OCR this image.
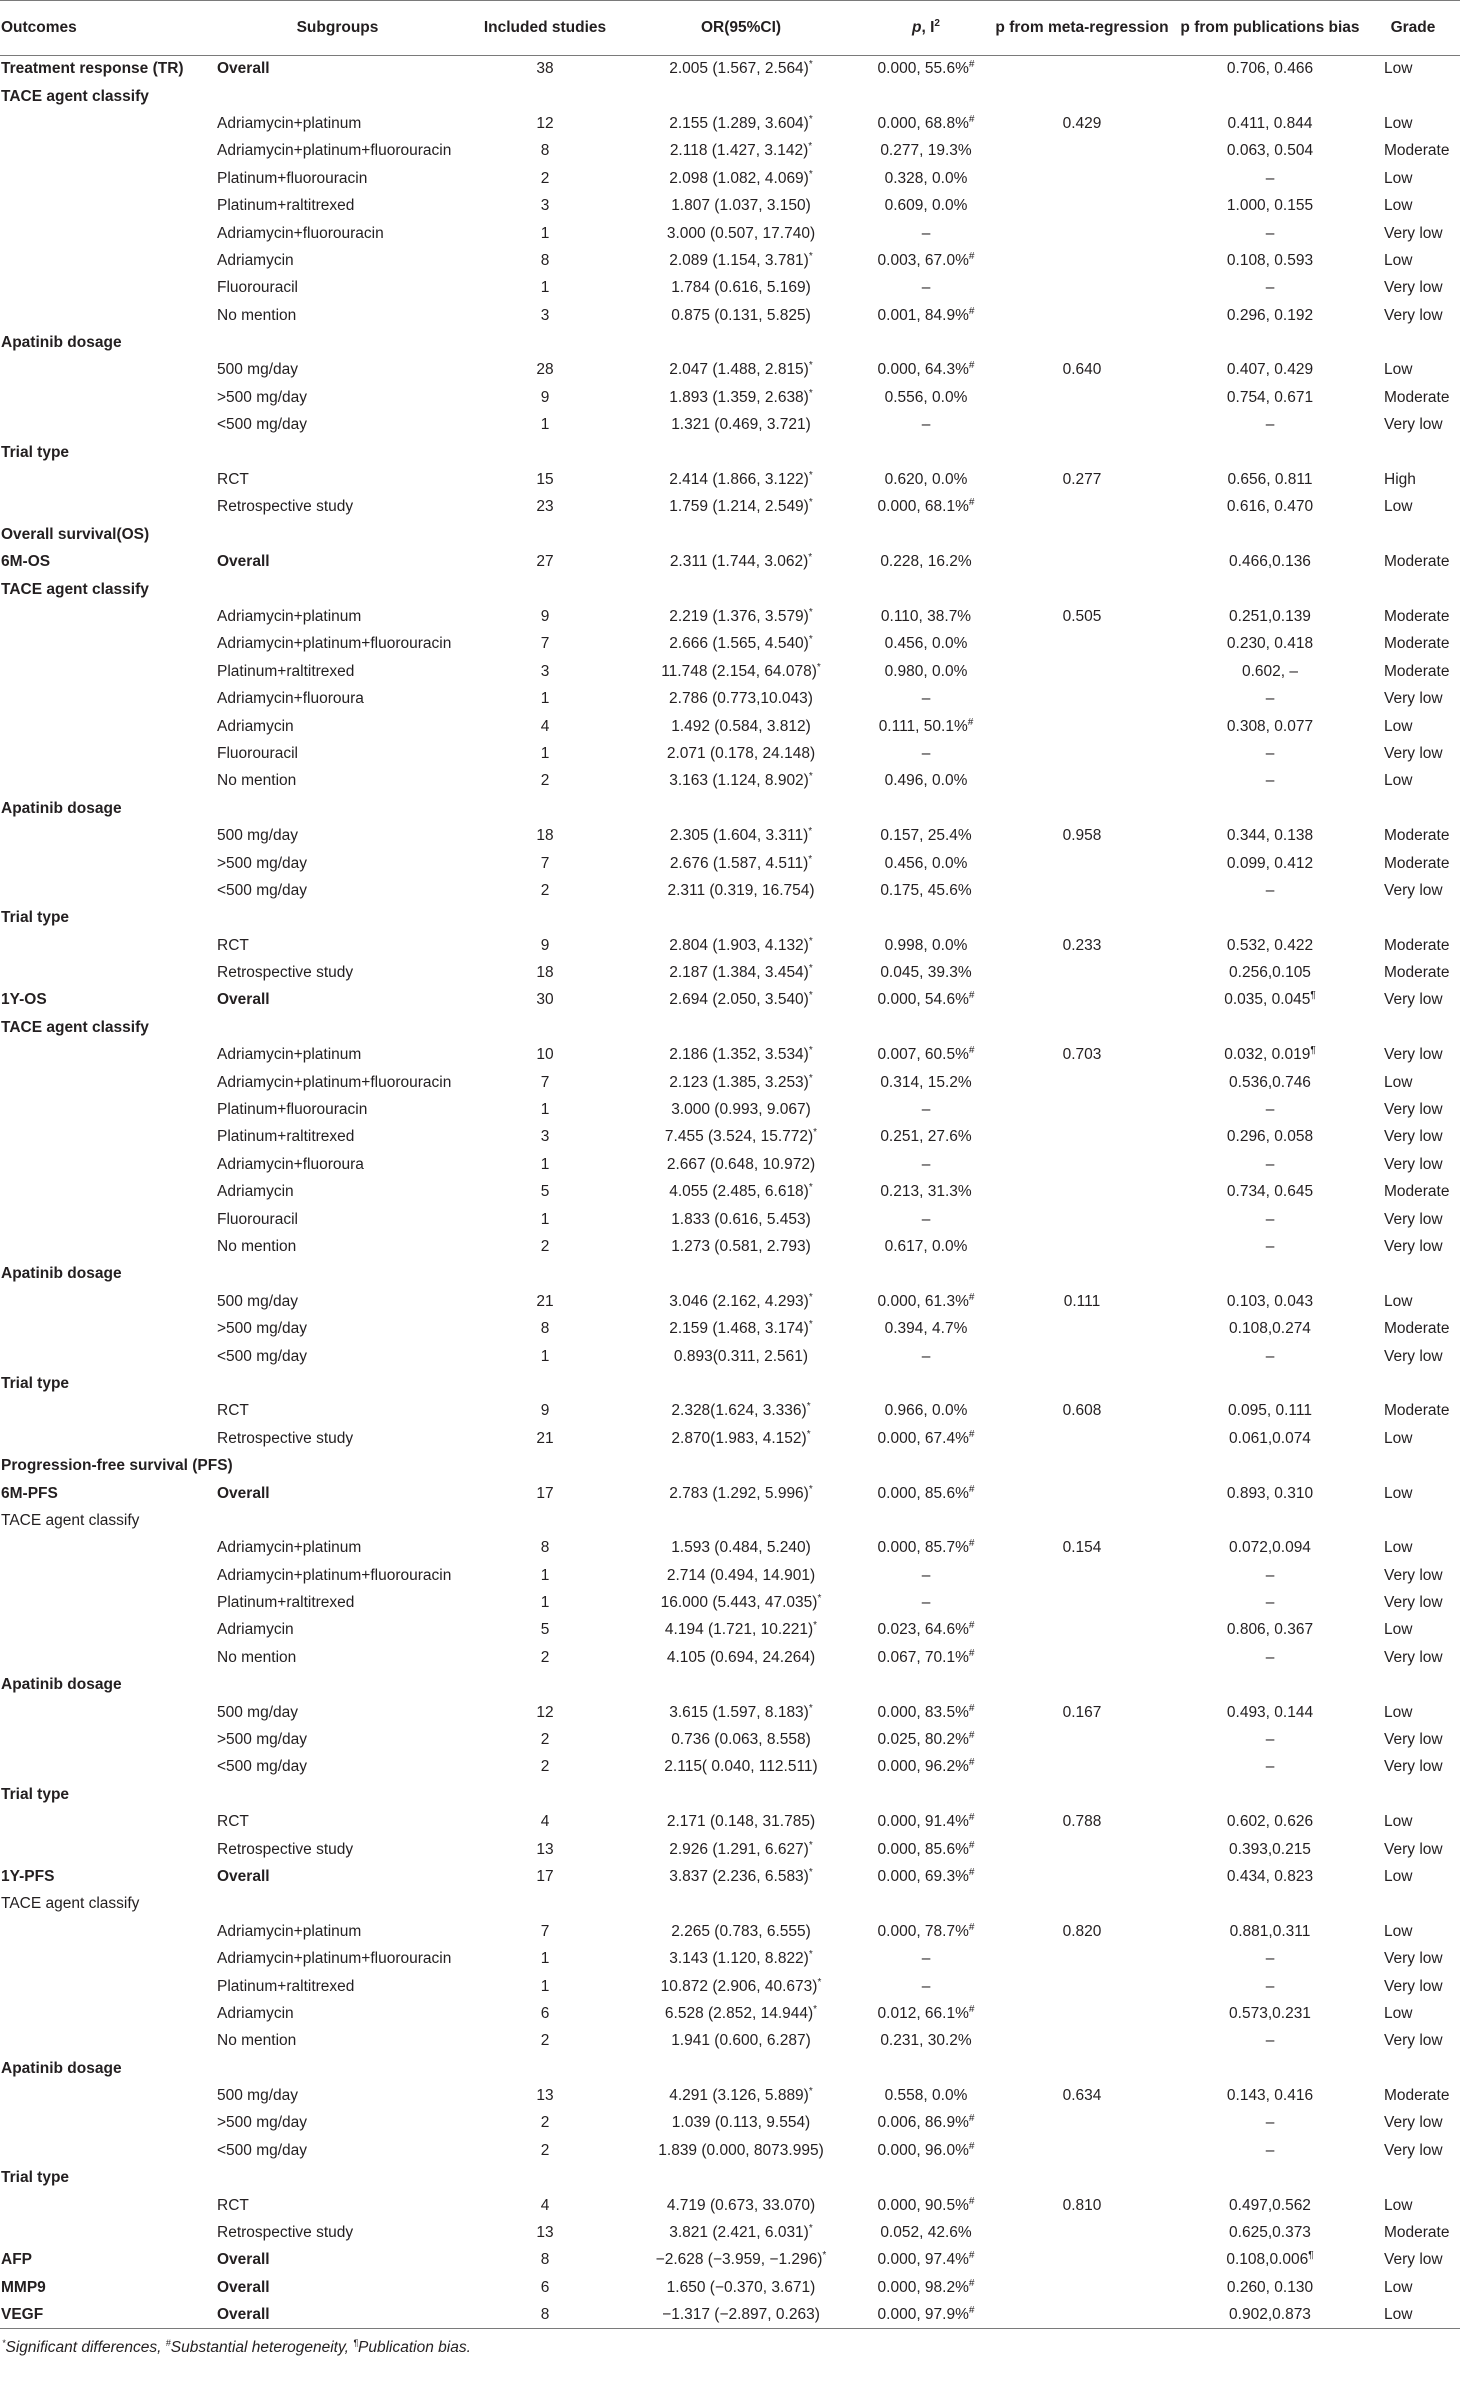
Outcomes	Subgroups	Included studies	OR(95%CI)	p, $I^2$	p from meta-regression	p from publications bias	Grade
Treatment response (TR)	Overall	38	2.005 (1.567, 2.564)*	0.000, 55.6%#		0.706, 0.466	Low
TACE agent classify							
	Adriamycin+platinum	12	2.155 (1.289, 3.604)*	0.000, 68.8%#	0.429	0.411, 0.844	Low
	Adriamycin+platinum+fluorouracin	8	2.118 (1.427, 3.142)*	0.277, 19.3%		0.063, 0.504	Moderate
	Platinum+fluorouracin	2	2.098 (1.082, 4.069)*	0.328, 0.0%		–	Low
	Platinum+raltitrexed	3	1.807 (1.037, 3.150)	0.609, 0.0%		1.000, 0.155	Low
	Adriamycin+fluorouracin	1	3.000 (0.507, 17.740)	–		–	Very low
	Adriamycin	8	2.089 (1.154, 3.781)*	0.003, 67.0%#		0.108, 0.593	Low
	Fluorouracil	1	1.784 (0.616, 5.169)	–		–	Very low
	No mention	3	0.875 (0.131, 5.825)	0.001, 84.9%#		0.296, 0.192	Very low
Apatinib dosage							
	500 mg/day	28	2.047 (1.488, 2.815)*	0.000, 64.3%#	0.640	0.407, 0.429	Low
	>500 mg/day	9	1.893 (1.359, 2.638)*	0.556, 0.0%		0.754, 0.671	Moderate
	<500 mg/day	1	1.321 (0.469, 3.721)	–		–	Very low
Trial type							
	RCT	15	2.414 (1.866, 3.122)*	0.620, 0.0%	0.277	0.656, 0.811	High
	Retrospective study	23	1.759 (1.214, 2.549)*	0.000, 68.1%#		0.616, 0.470	Low
Overall survival(OS)							
6M-OS	Overall	27	2.311 (1.744, 3.062)*	0.228, 16.2%		0.466,0.136	Moderate
TACE agent classify							
	Adriamycin+platinum	9	2.219 (1.376, 3.579)*	0.110, 38.7%	0.505	0.251,0.139	Moderate
	Adriamycin+platinum+fluorouracin	7	2.666 (1.565, 4.540)*	0.456, 0.0%		0.230, 0.418	Moderate
	Platinum+raltitrexed	3	11.748 (2.154, 64.078)*	0.980, 0.0%		0.602, –	Moderate
	Adriamycin+fluoroura	1	2.786 (0.773,10.043)	–		–	Very low
	Adriamycin	4	1.492 (0.584, 3.812)	0.111, 50.1%#		0.308, 0.077	Low
	Fluorouracil	1	2.071 (0.178, 24.148)	–		–	Very low
	No mention	2	3.163 (1.124, 8.902)*	0.496, 0.0%		–	Low
Apatinib dosage							
	500 mg/day	18	2.305 (1.604, 3.311)*	0.157, 25.4%	0.958	0.344, 0.138	Moderate
	>500 mg/day	7	2.676 (1.587, 4.511)*	0.456, 0.0%		0.099, 0.412	Moderate
	<500 mg/day	2	2.311 (0.319, 16.754)	0.175, 45.6%		–	Very low
Trial type							
	RCT	9	2.804 (1.903, 4.132)*	0.998, 0.0%	0.233	0.532, 0.422	Moderate
	Retrospective study	18	2.187 (1.384, 3.454)*	0.045, 39.3%		0.256,0.105	Moderate
1Y-OS	Overall	30	2.694 (2.050, 3.540)*	0.000, 54.6%#		0.035, 0.045¶	Very low
TACE agent classify							
	Adriamycin+platinum	10	2.186 (1.352, 3.534)*	0.007, 60.5%#	0.703	0.032, 0.019¶	Very low
	Adriamycin+platinum+fluorouracin	7	2.123 (1.385, 3.253)*	0.314, 15.2%		0.536,0.746	Low
	Platinum+fluorouracin	1	3.000 (0.993, 9.067)	–		–	Very low
	Platinum+raltitrexed	3	7.455 (3.524, 15.772)*	0.251, 27.6%		0.296, 0.058	Very low
	Adriamycin+fluoroura	1	2.667 (0.648, 10.972)	–		–	Very low
	Adriamycin	5	4.055 (2.485, 6.618)*	0.213, 31.3%		0.734, 0.645	Moderate
	Fluorouracil	1	1.833 (0.616, 5.453)	–		–	Very low
	No mention	2	1.273 (0.581, 2.793)	0.617, 0.0%		–	Very low
Apatinib dosage							
	500 mg/day	21	3.046 (2.162, 4.293)*	0.000, 61.3%#	0.111	0.103, 0.043	Low
	>500 mg/day	8	2.159 (1.468, 3.174)*	0.394, 4.7%		0.108,0.274	Moderate
	<500 mg/day	1	0.893(0.311, 2.561)	–		–	Very low
Trial type							
	RCT	9	2.328(1.624, 3.336)*	0.966, 0.0%	0.608	0.095, 0.111	Moderate
	Retrospective study	21	2.870(1.983, 4.152)*	0.000, 67.4%#		0.061,0.074	Low
Progression-free survival (PFS)							
6M-PFS	Overall	17	2.783 (1.292, 5.996)*	0.000, 85.6%#		0.893, 0.310	Low
TACE agent classify							
	Adriamycin+platinum	8	1.593 (0.484, 5.240)	0.000, 85.7%#	0.154	0.072,0.094	Low
	Adriamycin+platinum+fluorouracin	1	2.714 (0.494, 14.901)	–		–	Very low
	Platinum+raltitrexed	1	16.000 (5.443, 47.035)*	–		–	Very low
	Adriamycin	5	4.194 (1.721, 10.221)*	0.023, 64.6%#		0.806, 0.367	Low
	No mention	2	4.105 (0.694, 24.264)	0.067, 70.1%#		–	Very low
Apatinib dosage							
	500 mg/day	12	3.615 (1.597, 8.183)*	0.000, 83.5%#	0.167	0.493, 0.144	Low
	>500 mg/day	2	0.736 (0.063, 8.558)	0.025, 80.2%#		–	Very low
	<500 mg/day	2	2.115( 0.040, 112.511)	0.000, 96.2%#		–	Very low
Trial type							
	RCT	4	2.171 (0.148, 31.785)	0.000, 91.4%#	0.788	0.602, 0.626	Low
	Retrospective study	13	2.926 (1.291, 6.627)*	0.000, 85.6%#		0.393,0.215	Very low
1Y-PFS	Overall	17	3.837 (2.236, 6.583)*	0.000, 69.3%#		0.434, 0.823	Low
TACE agent classify							
	Adriamycin+platinum	7	2.265 (0.783, 6.555)	0.000, 78.7%#	0.820	0.881,0.311	Low
	Adriamycin+platinum+fluorouracin	1	3.143 (1.120, 8.822)*	–		–	Very low
	Platinum+raltitrexed	1	10.872 (2.906, 40.673)*	–		–	Very low
	Adriamycin	6	6.528 (2.852, 14.944)*	0.012, 66.1%#		0.573,0.231	Low
	No mention	2	1.941 (0.600, 6.287)	0.231, 30.2%		–	Very low
Apatinib dosage							
	500 mg/day	13	4.291 (3.126, 5.889)*	0.558, 0.0%	0.634	0.143, 0.416	Moderate
	>500 mg/day	2	1.039 (0.113, 9.554)	0.006, 86.9%#		–	Very low
	<500 mg/day	2	1.839 (0.000, 8073.995)	0.000, 96.0%#		–	Very low
Trial type							
	RCT	4	4.719 (0.673, 33.070)	0.000, 90.5%#	0.810	0.497,0.562	Low
	Retrospective study	13	3.821 (2.421, 6.031)*	0.052, 42.6%		0.625,0.373	Moderate
AFP	Overall	8	−2.628 (−3.959, −1.296)*	0.000, 97.4%#		0.108,0.006¶	Very low
MMP9	Overall	6	1.650 (−0.370, 3.671)	0.000, 98.2%#		0.260, 0.130	Low
VEGF	Overall	8	−1.317 (−2.897, 0.263)	0.000, 97.9%#		0.902,0.873	Low
*Significant differences, #Substantial heterogeneity, ¶Publication bias.
